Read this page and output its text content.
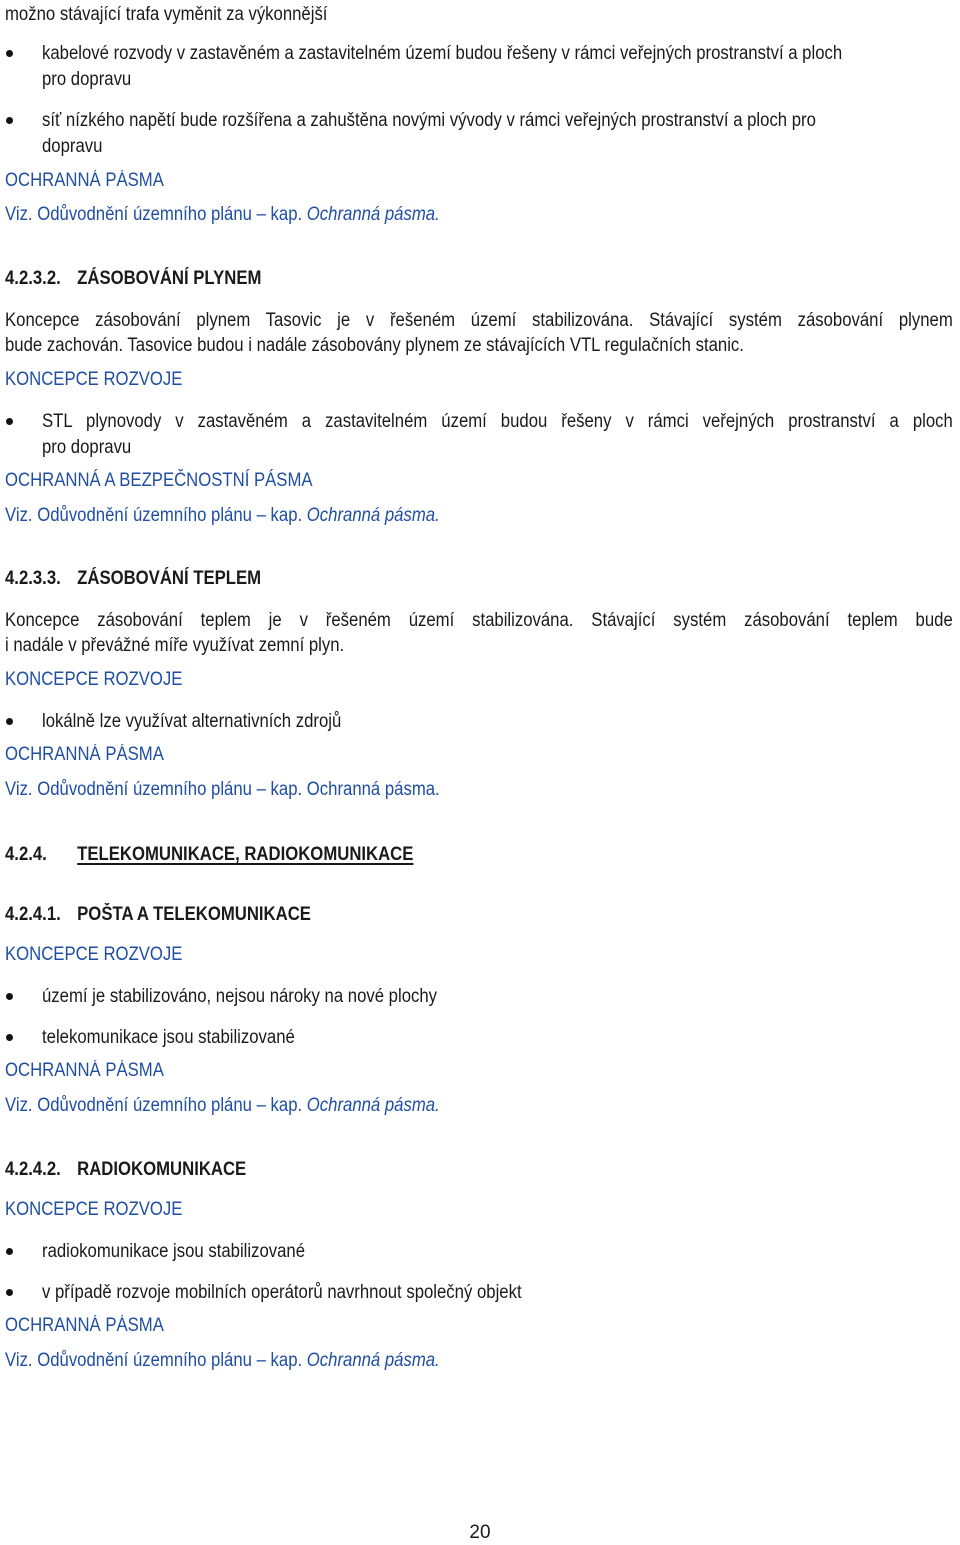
možno stávající trafa vyměnit za výkonnější
kabelové rozvody v zastavěném a zastavitelném území budou řešeny v rámci veřejných prostranství a ploch
pro dopravu
síť nízkého napětí bude rozšířena a zahuštěna novými vývody v rámci veřejných prostranství a ploch pro
dopravu
OCHRANNÁ PÁSMA
Viz. Odůvodnění územního plánu – kap. Ochranná pásma.
4.2.3.2. ZÁSOBOVÁNÍ PLYNEM
Koncepce zásobování plynem Tasovic je v řešeném území stabilizována. Stávající systém zásobování plynem
bude zachován. Tasovice budou i nadále zásobovány plynem ze stávajících VTL regulačních stanic.
KONCEPCE ROZVOJE
STL plynovody v zastavěném a zastavitelném území budou řešeny v rámci veřejných prostranství a ploch
pro dopravu
OCHRANNÁ A BEZPEČNOSTNÍ PÁSMA
Viz. Odůvodnění územního plánu – kap. Ochranná pásma.
4.2.3.3. ZÁSOBOVÁNÍ TEPLEM
Koncepce zásobování teplem je v řešeném území stabilizována. Stávající systém zásobování teplem bude
i nadále v převážné míře využívat zemní plyn.
KONCEPCE ROZVOJE
lokálně lze využívat alternativních zdrojů
OCHRANNÁ PÁSMA
Viz. Odůvodnění územního plánu – kap. Ochranná pásma.
4.2.4. TELEKOMUNIKACE, RADIOKOMUNIKACE
4.2.4.1. POŠTA A TELEKOMUNIKACE
KONCEPCE ROZVOJE
území je stabilizováno, nejsou nároky na nové plochy
telekomunikace jsou stabilizované
OCHRANNÁ PÁSMA
Viz. Odůvodnění územního plánu – kap. Ochranná pásma.
4.2.4.2. RADIOKOMUNIKACE
KONCEPCE ROZVOJE
radiokomunikace jsou stabilizované
v případě rozvoje mobilních operátorů navrhnout společný objekt
OCHRANNÁ PÁSMA
Viz. Odůvodnění územního plánu – kap. Ochranná pásma.
20
